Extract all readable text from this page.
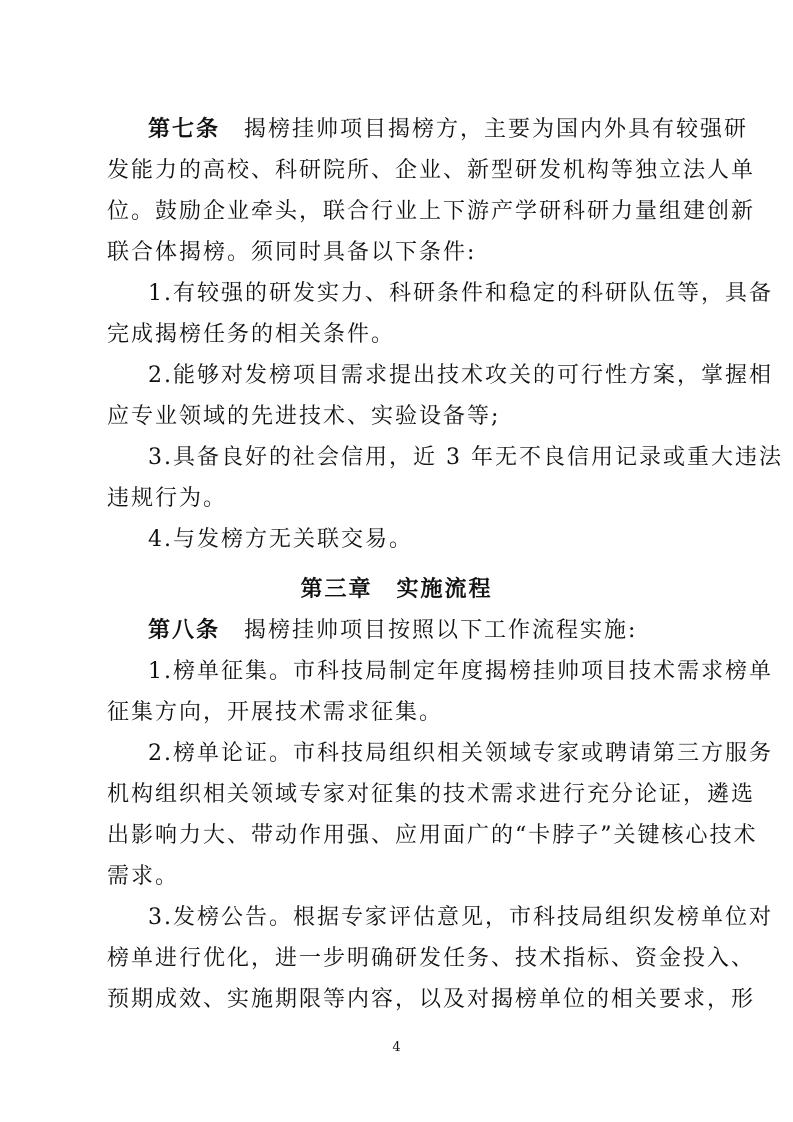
第七条 揭榜挂帅项目揭榜方，主要为国内外具有较强研
发能力的高校、科研院所、企业、新型研发机构等独立法人单
位。鼓励企业牵头，联合行业上下游产学研科研力量组建创新
联合体揭榜。须同时具备以下条件:
1.有较强的研发实力、科研条件和稳定的科研队伍等，具备
完成揭榜任务的相关条件。
2.能够对发榜项目需求提出技术攻关的可行性方案，掌握相
应专业领域的先进技术、实验设备等;
3.具备良好的社会信用，近 3 年无不良信用记录或重大违法
违规行为。
4.与发榜方无关联交易。
第三章 实施流程
第八条 揭榜挂帅项目按照以下工作流程实施:
1.榜单征集。市科技局制定年度揭榜挂帅项目技术需求榜单
征集方向，开展技术需求征集。
2.榜单论证。市科技局组织相关领域专家或聘请第三方服务
机构组织相关领域专家对征集的技术需求进行充分论证，遴选
出影响力大、带动作用强、应用面广的“卡脖子”关键核心技术
需求。
3.发榜公告。根据专家评估意见，市科技局组织发榜单位对
榜单进行优化，进一步明确研发任务、技术指标、资金投入、
预期成效、实施期限等内容，以及对揭榜单位的相关要求，形
4
